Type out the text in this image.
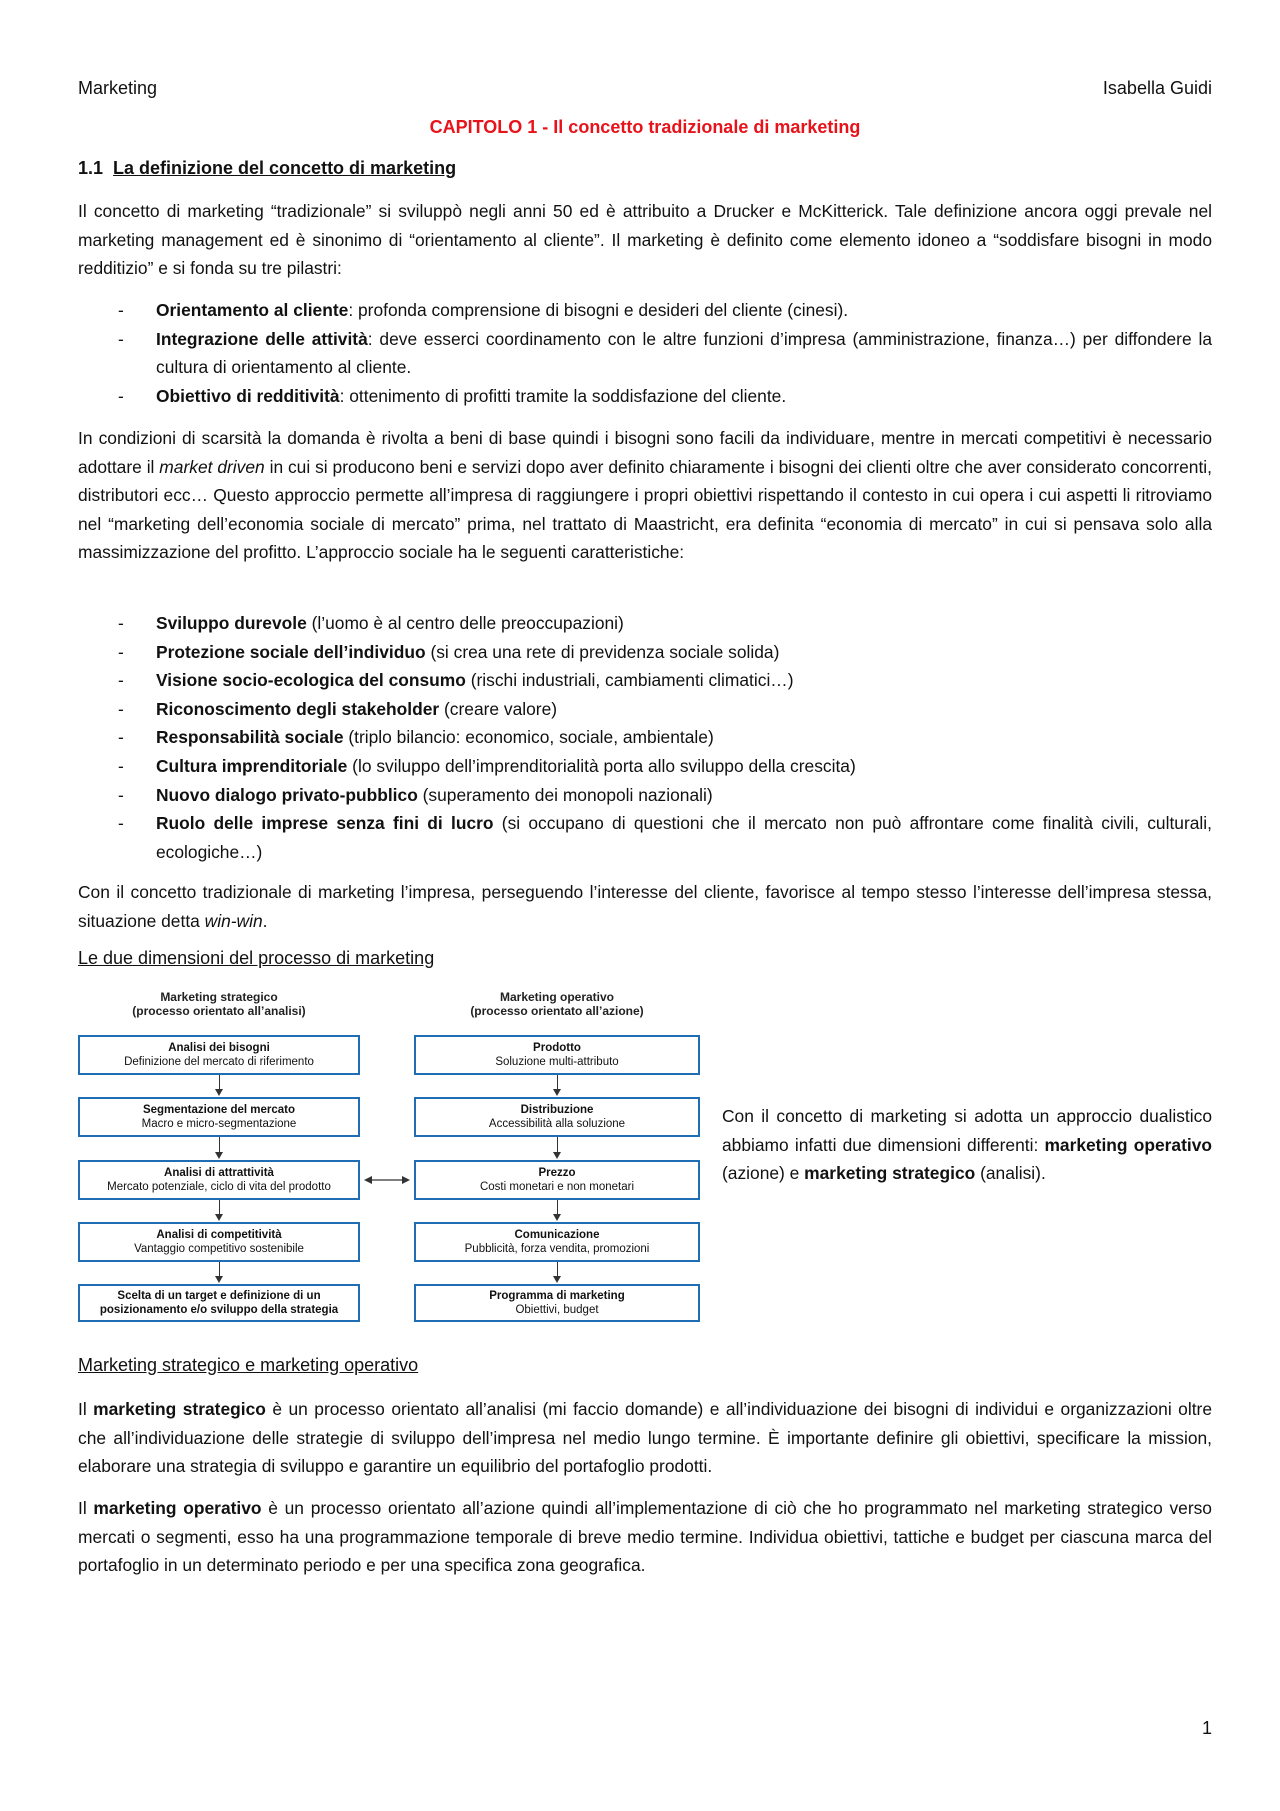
Marketing	Isabella Guidi
CAPITOLO 1 - Il concetto tradizionale di marketing
1.1 La definizione del concetto di marketing
Il concetto di marketing “tradizionale” si sviluppò negli anni 50 ed è attribuito a Drucker e McKitterick. Tale definizione ancora oggi prevale nel marketing management ed è sinonimo di “orientamento al cliente”. Il marketing è definito come elemento idoneo a “soddisfare bisogni in modo redditizio” e si fonda su tre pilastri:
- Orientamento al cliente: profonda comprensione di bisogni e desideri del cliente (cinesi).
- Integrazione delle attività: deve esserci coordinamento con le altre funzioni d’impresa (amministrazione, finanza…) per diffondere la cultura di orientamento al cliente.
- Obiettivo di redditività: ottenimento di profitti tramite la soddisfazione del cliente.
In condizioni di scarsità la domanda è rivolta a beni di base quindi i bisogni sono facili da individuare, mentre in mercati competitivi è necessario adottare il market driven in cui si producono beni e servizi dopo aver definito chiaramente i bisogni dei clienti oltre che aver considerato concorrenti, distributori ecc… Questo approccio permette all’impresa di raggiungere i propri obiettivi rispettando il contesto in cui opera i cui aspetti li ritroviamo nel “marketing dell’economia sociale di mercato” prima, nel trattato di Maastricht, era definita “economia di mercato” in cui si pensava solo alla massimizzazione del profitto. L’approccio sociale ha le seguenti caratteristiche:
- Sviluppo durevole (l’uomo è al centro delle preoccupazioni)
- Protezione sociale dell’individuo (si crea una rete di previdenza sociale solida)
- Visione socio-ecologica del consumo (rischi industriali, cambiamenti climatici…)
- Riconoscimento degli stakeholder (creare valore)
- Responsabilità sociale (triplo bilancio: economico, sociale, ambientale)
- Cultura imprenditoriale (lo sviluppo dell’imprenditorialità porta allo sviluppo della crescita)
- Nuovo dialogo privato-pubblico (superamento dei monopoli nazionali)
- Ruolo delle imprese senza fini di lucro (si occupano di questioni che il mercato non può affrontare come finalità civili, culturali, ecologiche…)
Con il concetto tradizionale di marketing l’impresa, perseguendo l’interesse del cliente, favorisce al tempo stesso l’interesse dell’impresa stessa, situazione detta win-win.
Le due dimensioni del processo di marketing
Marketing strategico
(processo orientato all’analisi)
Marketing operativo
(processo orientato all’azione)
Analisi dei bisogni
Definizione del mercato di riferimento
Segmentazione del mercato
Macro e micro-segmentazione
Analisi di attrattività
Mercato potenziale, ciclo di vita del prodotto
Analisi di competitività
Vantaggio competitivo sostenibile
Scelta di un target e definizione di un
posizionamento e/o sviluppo della strategia
Prodotto
Soluzione multi-attributo
Distribuzione
Accessibilità alla soluzione
Prezzo
Costi monetari e non monetari
Comunicazione
Pubblicità, forza vendita, promozioni
Programma di marketing
Obiettivi, budget
Con il concetto di marketing si adotta un approccio dualistico abbiamo infatti due dimensioni differenti: marketing operativo (azione) e marketing strategico (analisi).
Marketing strategico e marketing operativo
Il marketing strategico è un processo orientato all’analisi (mi faccio domande) e all’individuazione dei bisogni di individui e organizzazioni oltre che all’individuazione delle strategie di sviluppo dell’impresa nel medio lungo termine. È importante definire gli obiettivi, specificare la mission, elaborare una strategia di sviluppo e garantire un equilibrio del portafoglio prodotti.
Il marketing operativo è un processo orientato all’azione quindi all’implementazione di ciò che ho programmato nel marketing strategico verso mercati o segmenti, esso ha una programmazione temporale di breve medio termine. Individua obiettivi, tattiche e budget per ciascuna marca del portafoglio in un determinato periodo e per una specifica zona geografica.
1
